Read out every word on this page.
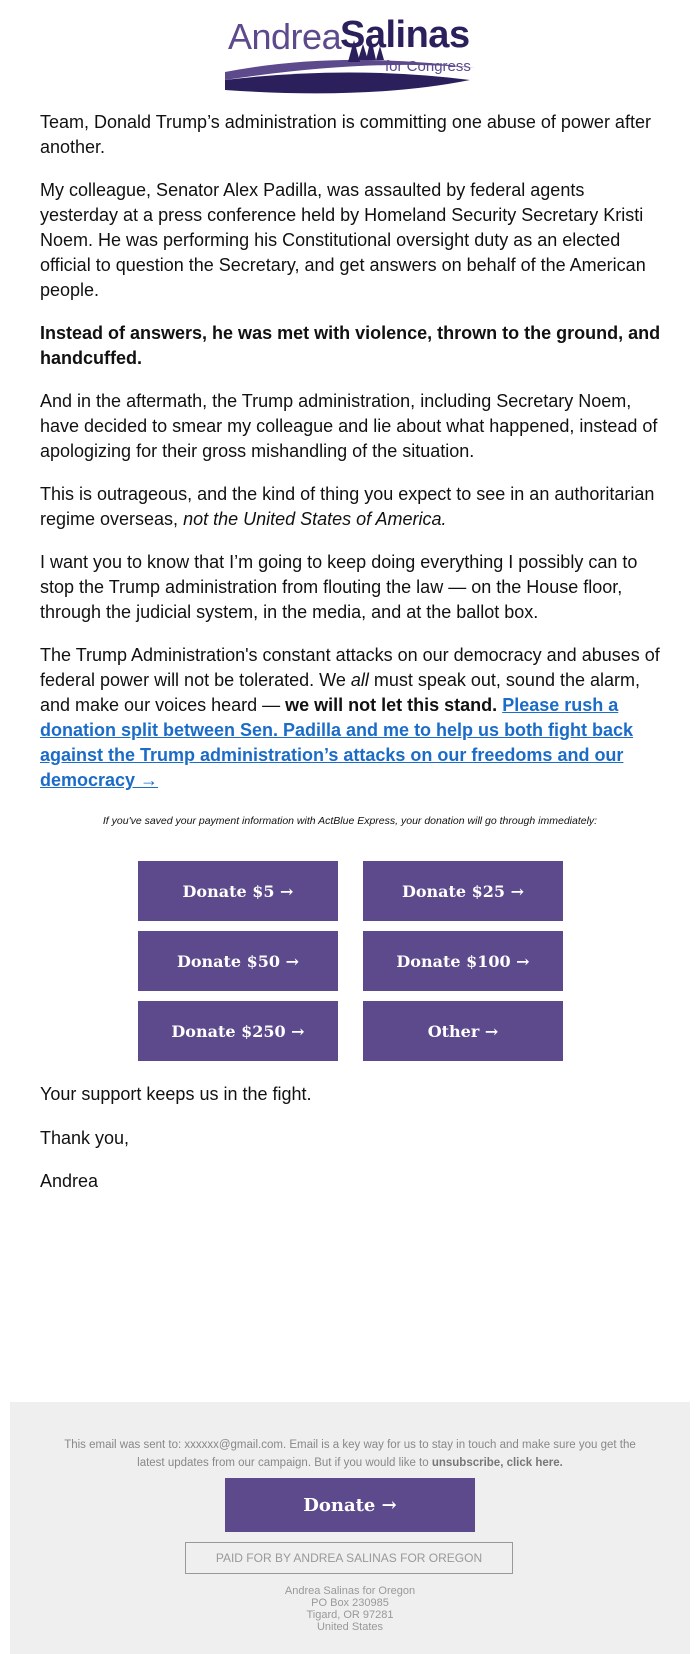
Andrea
Salinas
for Congress

Team, Donald Trump’s administration is committing one abuse of power after another.

My colleague, Senator Alex Padilla, was assaulted by federal agents yesterday at a press conference held by Homeland Security Secretary Kristi Noem. He was performing his Constitutional oversight duty as an elected official to question the Secretary, and get answers on behalf of the American people.

Instead of answers, he was met with violence, thrown to the ground, and handcuffed.

And in the aftermath, the Trump administration, including Secretary Noem, have decided to smear my colleague and lie about what happened, instead of apologizing for their gross mishandling of the situation.

This is outrageous, and the kind of thing you expect to see in an authoritarian regime overseas, not the United States of America.

I want you to know that I’m going to keep doing everything I possibly can to stop the Trump administration from flouting the law — on the House floor, through the judicial system, in the media, and at the ballot box.

The Trump Administration's constant attacks on our democracy and abuses of federal power will not be tolerated. We all must speak out, sound the alarm, and make our voices heard — we will not let this stand. Please rush a donation split between Sen. Padilla and me to help us both fight back against the Trump administration’s attacks on our freedoms and our democracy →

If you've saved your payment information with ActBlue Express, your donation will go through immediately:
Donate $5 →	Donate $25 →
Donate $50 →	Donate $100 →
Donate $250 →	Other →
Your support keeps us in the fight.
Thank you,
Andrea
This email was sent to: xxxxxx@gmail.com. Email is a key way for us to stay in touch and make sure you get the latest updates from our campaign. But if you would like to unsubscribe, click here.
Donate →
PAID FOR BY ANDREA SALINAS FOR OREGON
Andrea Salinas for Oregon
PO Box 230985
Tigard, OR 97281
United States
